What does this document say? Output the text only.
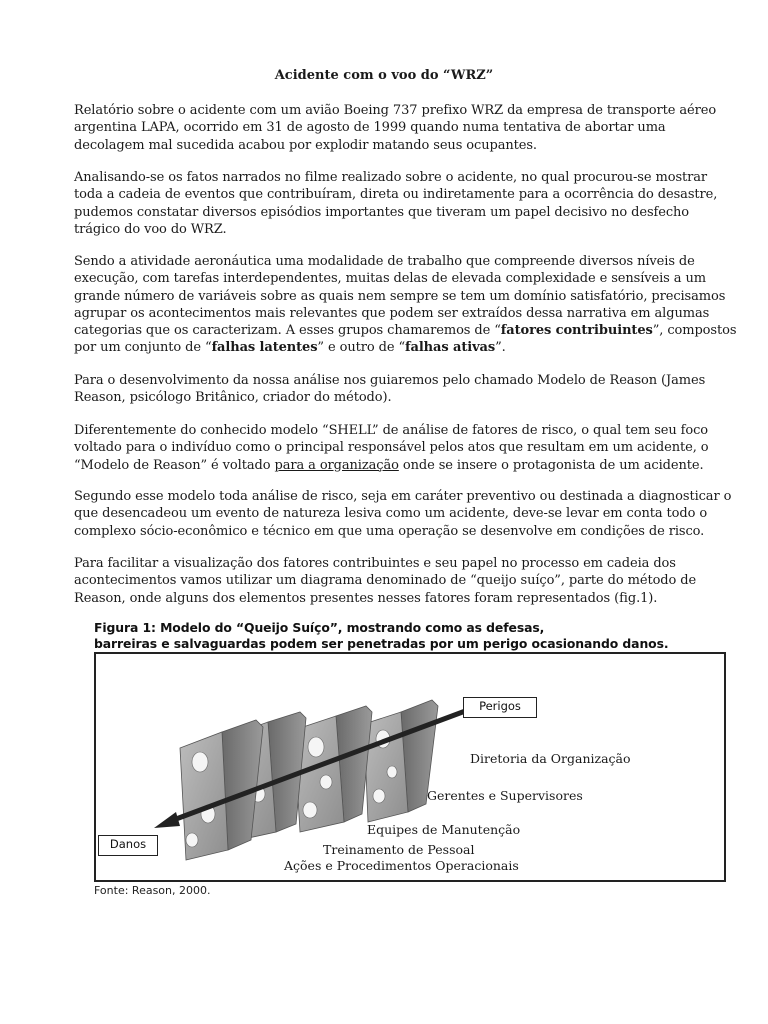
Acidente com o voo do “WRZ”
Relatório sobre o acidente com um avião Boeing 737 prefixo WRZ da empresa de transporte aéreo
argentina LAPA, ocorrido em 31 de agosto de 1999 quando numa tentativa de abortar uma
decolagem mal sucedida acabou por explodir matando seus ocupantes.
Analisando-se os fatos narrados no filme realizado sobre o acidente, no qual procurou-se mostrar
toda a cadeia de eventos que contribuíram, direta ou indiretamente para a ocorrência do desastre,
pudemos constatar diversos episódios importantes que tiveram um papel decisivo no desfecho
trágico do voo do WRZ.
Sendo a atividade aeronáutica uma modalidade de trabalho que compreende diversos níveis de
execução, com tarefas interdependentes, muitas delas de elevada complexidade e sensíveis a um
grande número de variáveis sobre as quais nem sempre se tem um domínio satisfatório, precisamos
agrupar os acontecimentos mais relevantes que podem ser extraídos dessa narrativa em algumas
categorias que os caracterizam. A esses grupos chamaremos de “fatores contribuintes”, compostos
por um conjunto de “falhas latentes” e outro de “falhas ativas”.
Para o desenvolvimento da nossa análise nos guiaremos pelo chamado Modelo de Reason (James
Reason, psicólogo Britânico, criador do método).
Diferentemente do conhecido modelo “SHELL” de análise de fatores de risco, o qual tem seu foco
voltado para o indivíduo como o principal responsável pelos atos que resultam em um acidente, o
“Modelo de Reason” é voltado para a organização onde se insere o protagonista de um acidente.
Segundo esse modelo toda análise de risco, seja em caráter preventivo ou destinada a diagnosticar o
que desencadeou um evento de natureza lesiva como um acidente, deve-se levar em conta todo o
complexo sócio-econômico e técnico em que uma operação se desenvolve em condições de risco.
Para facilitar a visualização dos fatores contribuintes e seu papel no processo em cadeia dos
acontecimentos vamos utilizar um diagrama denominado de “queijo suíço”, parte do método de
Reason, onde alguns dos elementos presentes nesses fatores foram representados (fig.1).
Figura 1: Modelo do “Queijo Suíço”, mostrando como as defesas,
barreiras e salvaguardas podem ser penetradas por um perigo ocasionando danos.
Perigos
Danos
Diretoria da Organização
Gerentes e Supervisores
Equipes de Manutenção
Treinamento de Pessoal
Ações e Procedimentos Operacionais
Fonte: Reason, 2000.
